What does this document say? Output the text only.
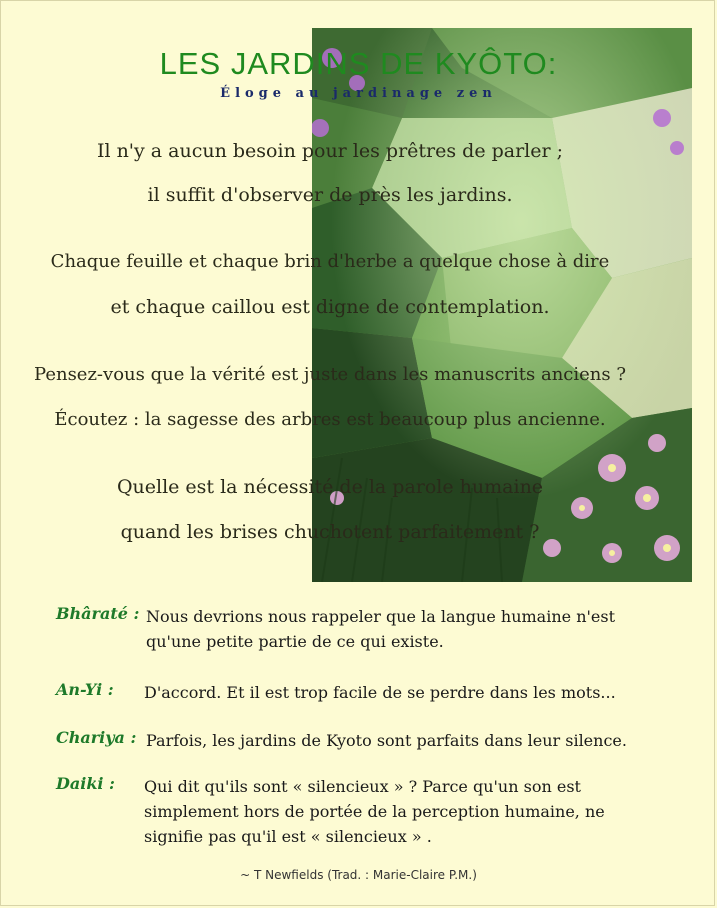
LES JARDINS DE KYÔTO:
Éloge au jardinage zen
Il n'y a aucun besoin pour les prêtres de parler ;
il suffit d'observer de près les jardins.
Chaque feuille et chaque brin d'herbe a quelque chose à dire
et chaque caillou est digne de contemplation.
Pensez-vous que la vérité est juste dans les manuscrits anciens ?
Écoutez : la sagesse des arbres est beaucoup plus ancienne.
Quelle est la nécessité de la parole humaine
quand les brises chuchotent parfaitement ?
Bhâraté : Nous devrions nous rappeler que la langue humaine n'est
qu'une petite partie de ce qui existe.
An-Yi : D'accord. Et il est trop facile de se perdre dans les mots...
Chariya : Parfois, les jardins de Kyoto sont parfaits dans leur silence.
Daiki : Qui dit qu'ils sont « silencieux » ? Parce qu'un son est
simplement hors de portée de la perception humaine, ne
signifie pas qu'il est « silencieux » .
~ T Newfields (Trad. : Marie-Claire P.M.)
